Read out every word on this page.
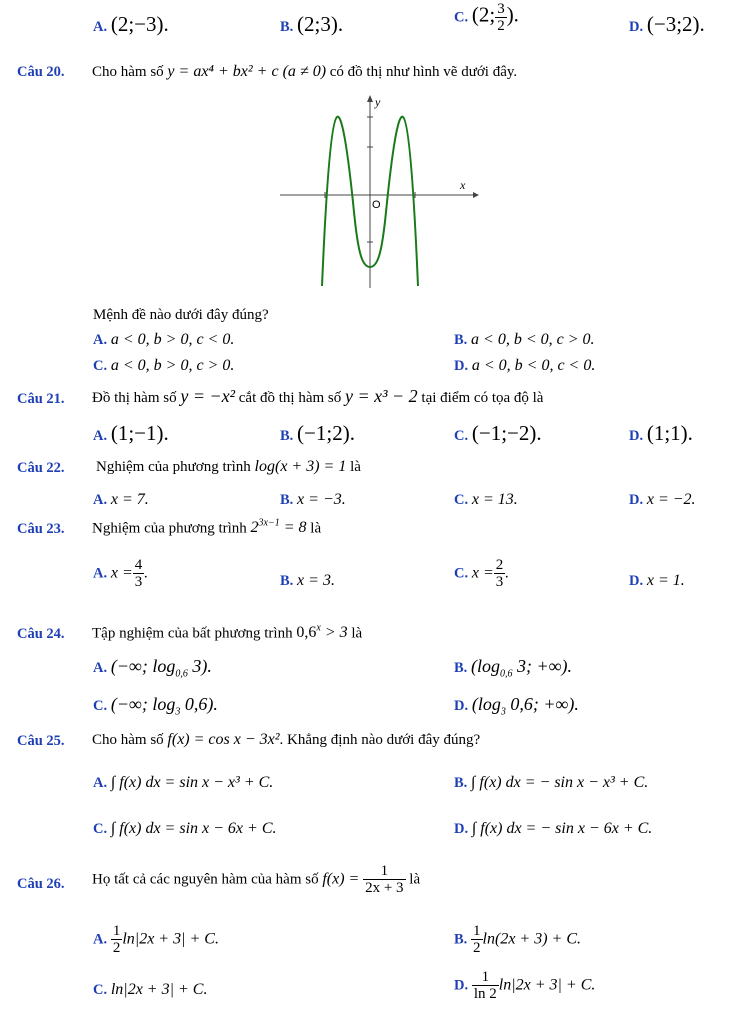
A. (2;−3).	B. (2;3).	C. (2; $\frac{3}{2}$ ).
D. (−3;2).
Câu 20. Cho hàm số y = ax⁴ + bx² + c (a ≠ 0) có đồ thị như hình vẽ dưới đây.
x
y
O
Mệnh đề nào dưới đây đúng?
A. a < 0, b > 0, c < 0.	B. a < 0, b < 0, c > 0.
C. a < 0, b > 0, c > 0.	D. a < 0, b < 0, c < 0.
Câu 21. Đồ thị hàm số y = −x² cắt đồ thị hàm số y = x³ − 2 tại điểm có tọa độ là
A. (1;−1).	B. (−1;2).	C. (−1;−2).	D. (1;1).
Câu 22. Nghiệm của phương trình log(x + 3) = 1 là
A. x = 7.	B. x = −3.	C. x = 13.	D. x = −2.
Câu 23. Nghiệm của phương trình $2^{3x-1} = 8$ là
A. $x = \frac{4}{3}$ .	B. x = 3.	C. $x = \frac{2}{3}$ .	D. x = 1.
Câu 24. Tập nghiệm của bất phương trình $0,6^x > 3$ là
A. (−∞; $\log_{0,6} 3$).	B. ($\log_{0,6}$ 3; +∞).
C. (−∞; $\log_3 0,6$).	D. ($\log_3$ 0,6; +∞).
Câu 25. Cho hàm số f(x) = cos x − 3x². Khẳng định nào dưới đây đúng?
A. ∫ f(x) dx = sin x − x³ + C.	B. ∫ f(x) dx = − sin x − x³ + C.
C. ∫ f(x) dx = sin x − 6x + C.	D. ∫ f(x) dx = − sin x − 6x + C.
Câu 26. Họ tất cả các nguyên hàm của hàm số $f(x) = \frac{1}{2x + 3}$ là
A. $\frac{1}{2} \ln|2x + 3| + C$.	B. $\frac{1}{2} \ln(2x + 3) + C$.
C. ln|2x + 3| + C.	D. $\frac{1}{\ln 2} \ln|2x + 3| + C$.
